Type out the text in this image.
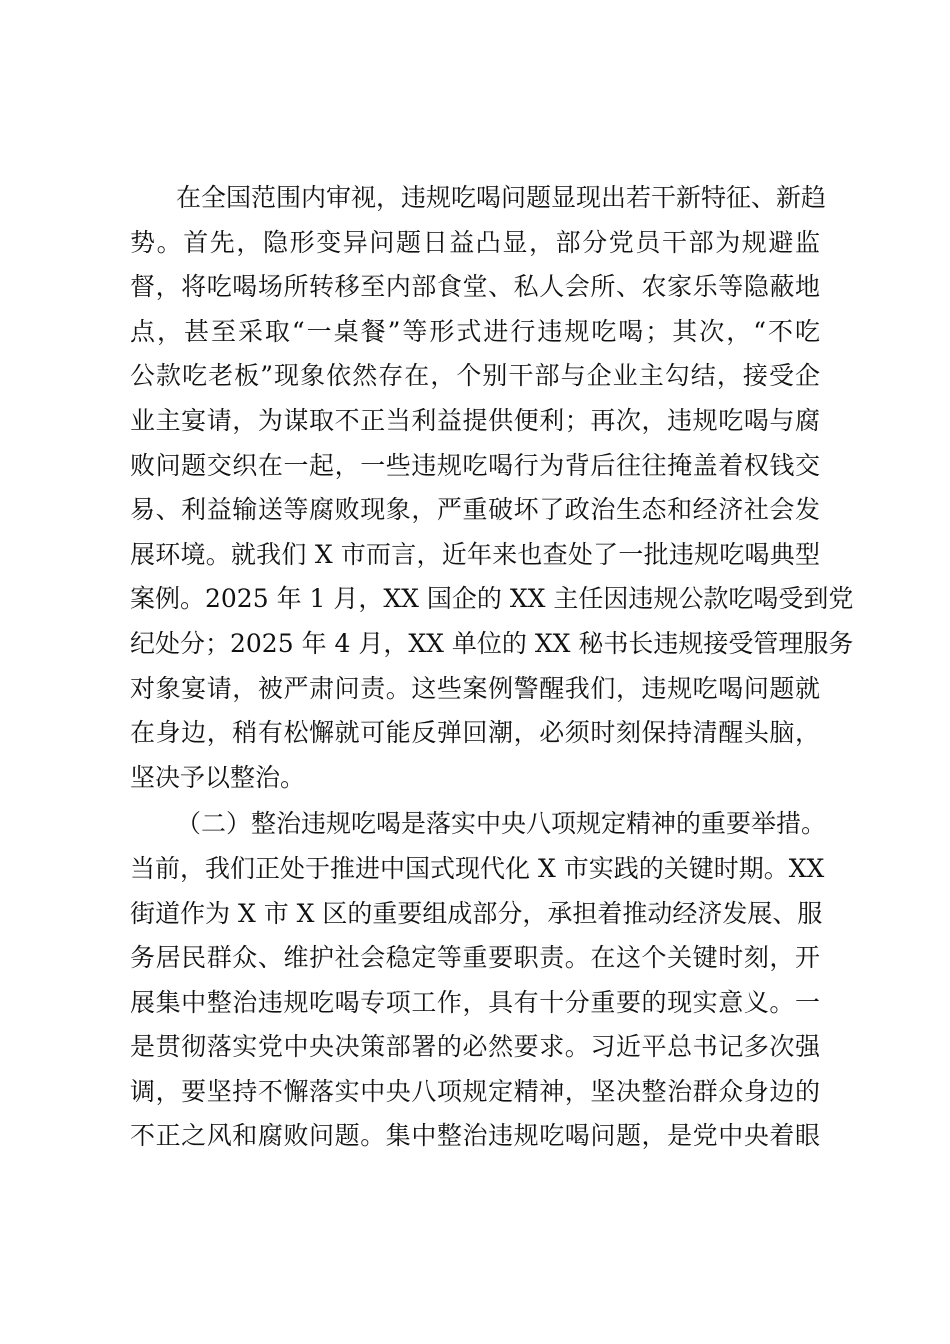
在全国范围内审视，违规吃喝问题显现出若干新特征、新趋
势。首先，隐形变异问题日益凸显，部分党员干部为规避监
督，将吃喝场所转移至内部食堂、私人会所、农家乐等隐蔽地
点，甚至采取“一桌餐”等形式进行违规吃喝；其次，“不吃
公款吃老板”现象依然存在，个别干部与企业主勾结，接受企
业主宴请，为谋取不正当利益提供便利；再次，违规吃喝与腐
败问题交织在一起，一些违规吃喝行为背后往往掩盖着权钱交
易、利益输送等腐败现象，严重破坏了政治生态和经济社会发
展环境。就我们 X 市而言，近年来也查处了一批违规吃喝典型
案例。2025 年 1 月，XX 国企的 XX 主任因违规公款吃喝受到党
纪处分；2025 年 4 月，XX 单位的 XX 秘书长违规接受管理服务
对象宴请，被严肃问责。这些案例警醒我们，违规吃喝问题就
在身边，稍有松懈就可能反弹回潮，必须时刻保持清醒头脑，
坚决予以整治。
（二）整治违规吃喝是落实中央八项规定精神的重要举措。
当前，我们正处于推进中国式现代化 X 市实践的关键时期。XX
街道作为 X 市 X 区的重要组成部分，承担着推动经济发展、服
务居民群众、维护社会稳定等重要职责。在这个关键时刻，开
展集中整治违规吃喝专项工作，具有十分重要的现实意义。一
是贯彻落实党中央决策部署的必然要求。习近平总书记多次强
调，要坚持不懈落实中央八项规定精神，坚决整治群众身边的
不正之风和腐败问题。集中整治违规吃喝问题，是党中央着眼
